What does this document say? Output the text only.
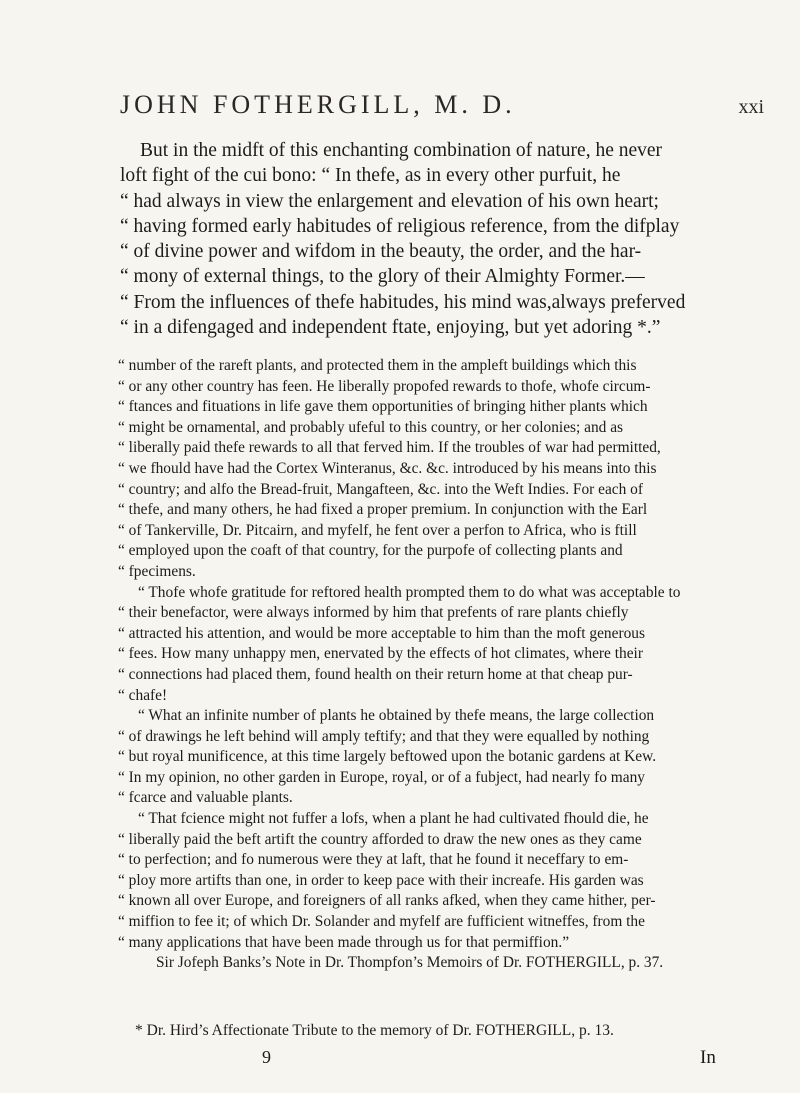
JOHN FOTHERGILL, M. D.	xxi

But in the midft of this enchanting combination of nature, he never

loft fight of the cui bono: “ In thefe, as in every other purfuit, he

“ had always in view the enlargement and elevation of his own heart;

“ having formed early habitudes of religious reference, from the difplay

“ of divine power and wifdom in the beauty, the order, and the har-

“ mony of external things, to the glory of their Almighty Former.—

“ From the influences of thefe habitudes, his mind was,always preferved

“ in a difengaged and independent ftate, enjoying, but yet adoring *.”

“ number of the rareft plants, and protected them in the ampleft buildings which this

“ or any other country has feen. He liberally propofed rewards to thofe, whofe circum-

“ ftances and fituations in life gave them opportunities of bringing hither plants which

“ might be ornamental, and probably ufeful to this country, or her colonies; and as

“ liberally paid thefe rewards to all that ferved him. If the troubles of war had permitted,

“ we fhould have had the Cortex Winteranus, &c. &c. introduced by his means into this

“ country; and alfo the Bread-fruit, Mangafteen, &c. into the Weft Indies. For each of

“ thefe, and many others, he had fixed a proper premium. In conjunction with the Earl

“ of Tankerville, Dr. Pitcairn, and myfelf, he fent over a perfon to Africa, who is ftill

“ employed upon the coaft of that country, for the purpofe of collecting plants and

“ fpecimens.

“ Thofe whofe gratitude for reftored health prompted them to do what was acceptable to

“ their benefactor, were always informed by him that prefents of rare plants chiefly

“ attracted his attention, and would be more acceptable to him than the moft generous

“ fees. How many unhappy men, enervated by the effects of hot climates, where their

“ connections had placed them, found health on their return home at that cheap pur-

“ chafe!

“ What an infinite number of plants he obtained by thefe means, the large collection

“ of drawings he left behind will amply teftify; and that they were equalled by nothing

“ but royal munificence, at this time largely beftowed upon the botanic gardens at Kew.

“ In my opinion, no other garden in Europe, royal, or of a fubject, had nearly fo many

“ fcarce and valuable plants.

“ That fcience might not fuffer a lofs, when a plant he had cultivated fhould die, he

“ liberally paid the beft artift the country afforded to draw the new ones as they came

“ to perfection; and fo numerous were they at laft, that he found it neceffary to em-

“ ploy more artifts than one, in order to keep pace with their increafe. His garden was

“ known all over Europe, and foreigners of all ranks afked, when they came hither, per-

“ miffion to fee it; of which Dr. Solander and myfelf are fufficient witneffes, from the

“ many applications that have been made through us for that permiffion.”

Sir Jofeph Banks’s Note in Dr. Thompfon’s Memoirs of Dr. FOTHERGILL, p. 37.

* Dr. Hird’s Affectionate Tribute to the memory of Dr. FOTHERGILL, p. 13.
9	In
